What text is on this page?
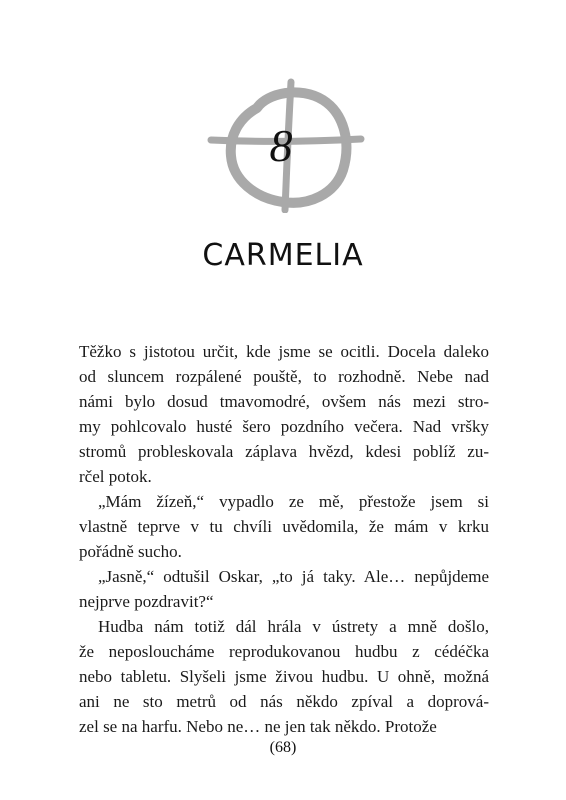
8
CARMELIA
Těžko s jistotou určit, kde jsme se ocitli. Docela daleko
od sluncem rozpálené pouště, to rozhodně. Nebe nad
námi bylo dosud tmavomodré, ovšem nás mezi stro-
my pohlcovalo husté šero pozdního večera. Nad vršky
stromů probleskovala záplava hvězd, kdesi poblíž zu-
rčel potok.
„Mám žízeň,“ vypadlo ze mě, přestože jsem si
vlastně teprve v tu chvíli uvědomila, že mám v krku
pořádně sucho.
„Jasně,“ odtušil Oskar, „to já taky. Ale… nepůjdeme
nejprve pozdravit?“
Hudba nám totiž dál hrála v ústrety a mně došlo,
že neposloucháme reprodukovanou hudbu z cédéčka
nebo tabletu. Slyšeli jsme živou hudbu. U ohně, možná
ani ne sto metrů od nás někdo zpíval a doprová-
zel se na harfu. Nebo ne… ne jen tak někdo. Protože
(68)
